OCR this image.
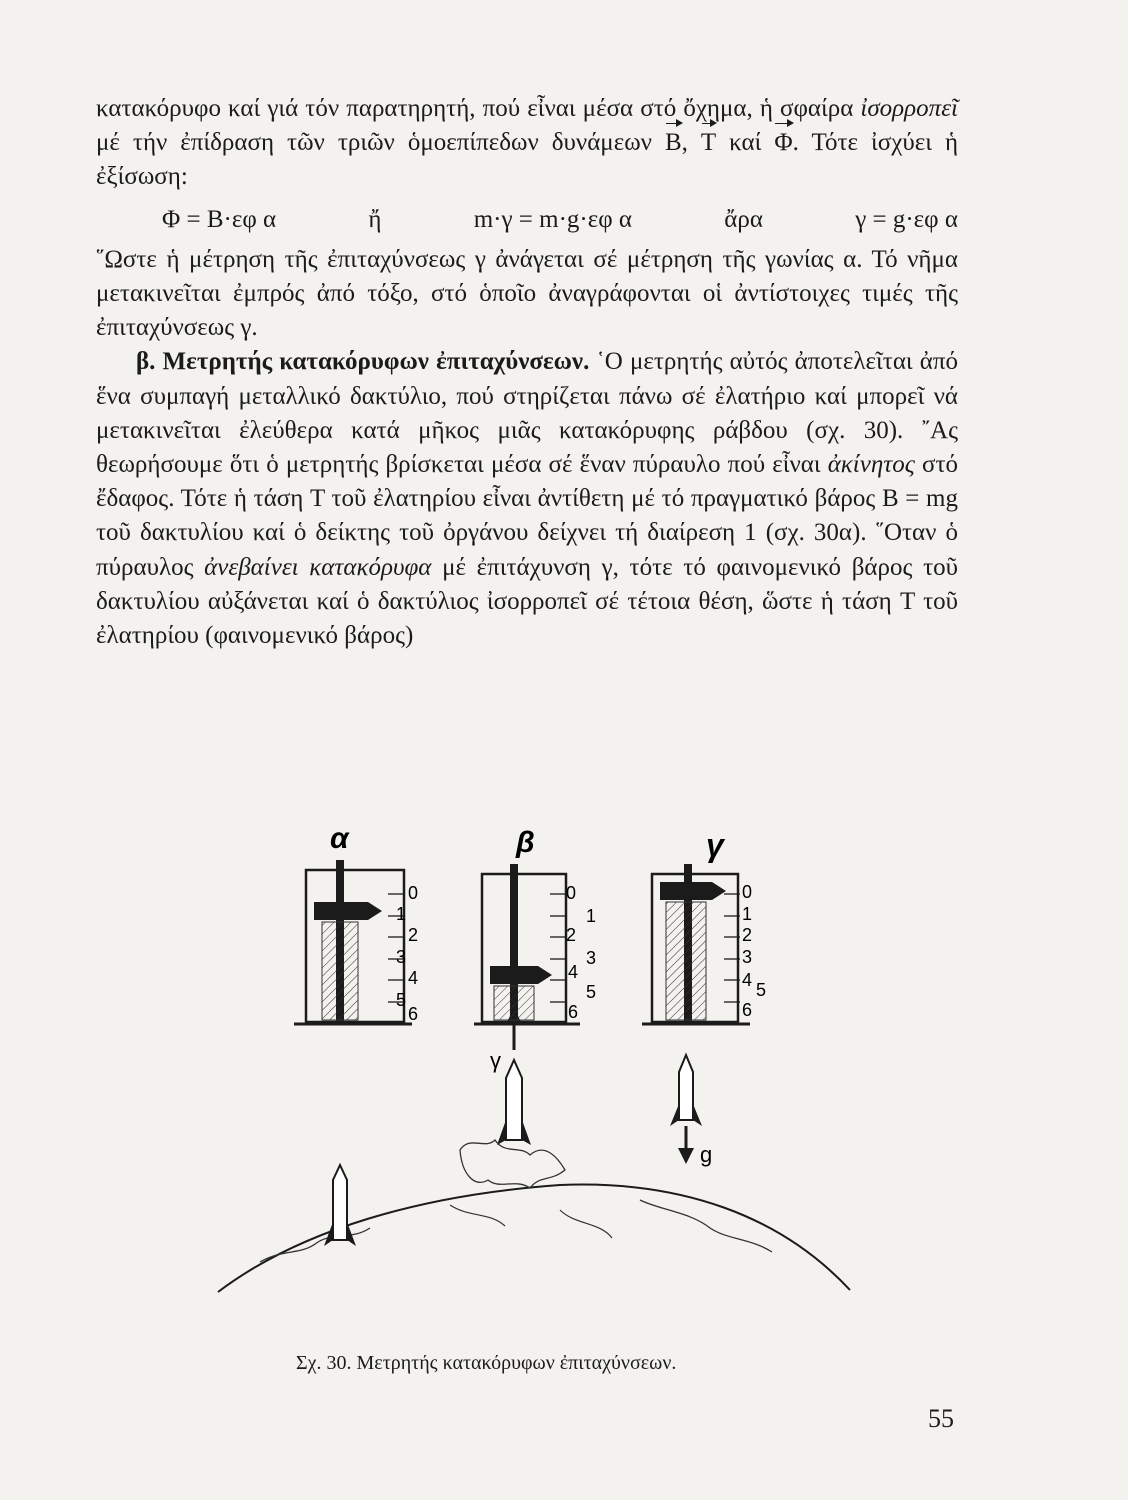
κατακόρυφο καί γιά τόν παρατηρητή, πού εἶναι μέσα στό ὄχημα, ἡ σφαίρα ἰσορροπεῖ μέ τήν ἐπίδραση τῶν τριῶν ὁμοεπίπεδων δυνάμεων B, T καί Φ. Τότε ἰσχύει ἡ ἐξίσωση:

Φ = B·εφ α	ἤ	m·γ = m·g·εφ α	ἄρα	γ = g·εφ α

῞Ωστε ἡ μέτρηση τῆς ἐπιταχύνσεως γ ἀνάγεται σέ μέτρηση τῆς γωνίας α. Τό νῆμα μετακινεῖται ἐμπρός ἀπό τόξο, στό ὁποῖο ἀναγράφονται οἱ ἀντίστοιχες τιμές τῆς ἐπιταχύνσεως γ.

β. Μετρητής κατακόρυφων ἐπιταχύνσεων. ῾Ο μετρητής αὐτός ἀποτελεῖται ἀπό ἕνα συμπαγή μεταλλικό δακτύλιο, πού στηρίζεται πάνω σέ ἐλατήριο καί μπορεῖ νά μετακινεῖται ἐλεύθερα κατά μῆκος μιᾶς κατακόρυφης ράβδου (σχ. 30). ῎Ας θεωρήσουμε ὅτι ὁ μετρητής βρίσκεται μέσα σέ ἕναν πύραυλο πού εἶναι ἀκίνητος στό ἔδαφος. Τότε ἡ τάση T τοῦ ἐλατηρίου εἶναι ἀντίθετη μέ τό πραγματικό βάρος B = mg τοῦ δακτυλίου καί ὁ δείκτης τοῦ ὀργάνου δείχνει τή διαίρεση 1 (σχ. 30α). ῞Οταν ὁ πύραυλος ἀνεβαίνει κατακόρυφα μέ ἐπιτάχυνση γ, τότε τό φαινομενικό βάρος τοῦ δακτυλίου αὐξάνεται καί ὁ δακτύλιος ἰσορροπεῖ σέ τέτοια θέση, ὥστε ἡ τάση T τοῦ ἐλατηρίου (φαινομενικό βάρος)

γ
g
α
0
1
2
3
4
5
6
β
0
1
2
3
4
5
6
γ
0
1
2
3
4 5
6
Σχ. 30. Μετρητής κατακόρυφων ἐπιταχύνσεων.
55
